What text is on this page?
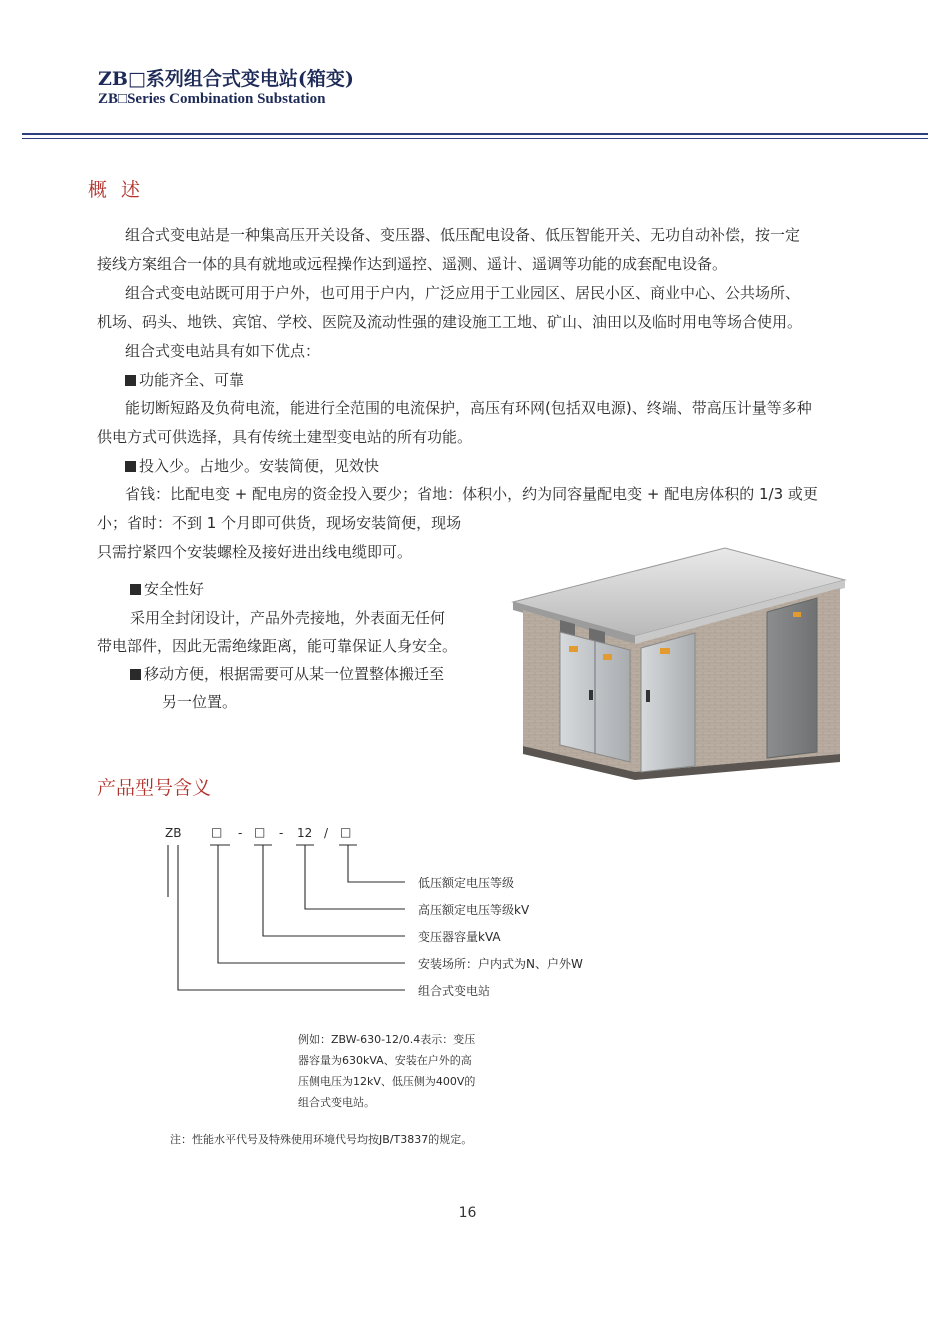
ZB□系列组合式变电站(箱变)
ZB□Series Combination Substation
概述
组合式变电站是一种集高压开关设备、变压器、低压配电设备、低压智能开关、无功自动补偿，按一定
接线方案组合一体的具有就地或远程操作达到遥控、遥测、遥计、遥调等功能的成套配电设备。
组合式变电站既可用于户外，也可用于户内，广泛应用于工业园区、居民小区、商业中心、公共场所、
机场、码头、地铁、宾馆、学校、医院及流动性强的建设施工工地、矿山、油田以及临时用电等场合使用。
组合式变电站具有如下优点：
功能齐全、可靠
能切断短路及负荷电流，能进行全范围的电流保护，高压有环网(包括双电源)、终端、带高压计量等多种
供电方式可供选择，具有传统土建型变电站的所有功能。
投入少。占地少。安装简便，见效快
省钱：比配电变 + 配电房的资金投入要少；省地：体积小，约为同容量配电变 + 配电房体积的 1/3 或更
小；省时：不到 1 个月即可供货，现场安装简便，现场
只需拧紧四个安装螺栓及接好进出线电缆即可。
安全性好
采用全封闭设计，产品外壳接地，外表面无任何
带电部件，因此无需绝缘距离，能可靠保证人身安全。
移动方便，根据需要可从某一位置整体搬迁至
另一位置。
产品型号含义
ZB □ - □ - 12 / □
低压额定电压等级
高压额定电压等级kV
变压器容量kVA
安装场所：户内式为N、户外W
组合式变电站
例如：ZBW-630-12/0.4表示：变压
器容量为630kVA、安装在户外的高
压侧电压为12kV、低压侧为400V的
组合式变电站。
注：性能水平代号及特殊使用环境代号均按JB/T3837的规定。
16
